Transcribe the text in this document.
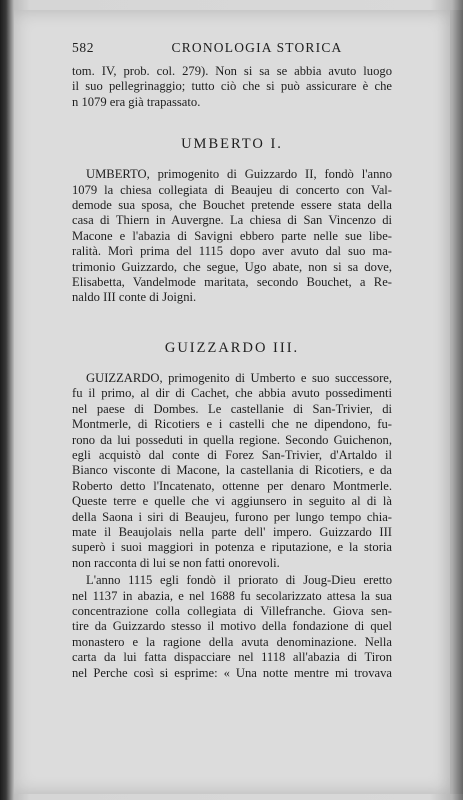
582	CRONOLOGIA STORICA
tom. IV, prob. col. 279). Non si sa se abbia avuto luogo
il suo pellegrinaggio; tutto ciò che si può assicurare è che
n 1079 era già trapassato.
UMBERTO I.
UMBERTO, primogenito di Guizzardo II, fondò l'anno
1079 la chiesa collegiata di Beaujeu di concerto con Val-
demode sua sposa, che Bouchet pretende essere stata della
casa di Thiern in Auvergne. La chiesa di San Vincenzo di
Macone e l'abazia di Savigni ebbero parte nelle sue libe-
ralità. Morì prima del 1115 dopo aver avuto dal suo ma-
trimonio Guizzardo, che segue, Ugo abate, non si sa dove,
Elisabetta, Vandelmode maritata, secondo Bouchet, a Re-
naldo III conte di Joigni.
GUIZZARDO III.
GUIZZARDO, primogenito di Umberto e suo successore,
fu il primo, al dir di Cachet, che abbia avuto possedimenti
nel paese di Dombes. Le castellanie di San-Trivier, di
Montmerle, di Ricotiers e i castelli che ne dipendono, fu-
rono da lui posseduti in quella regione. Secondo Guichenon,
egli acquistò dal conte di Forez San-Trivier, d'Artaldo il
Bianco visconte di Macone, la castellania di Ricotiers, e da
Roberto detto l'Incatenato, ottenne per denaro Montmerle.
Queste terre e quelle che vi aggiunsero in seguito al di là
della Saona i siri di Beaujeu, furono per lungo tempo chia-
mate il Beaujolais nella parte dell' impero. Guizzardo III
superò i suoi maggiori in potenza e riputazione, e la storia
non racconta di lui se non fatti onorevoli.
L'anno 1115 egli fondò il priorato di Joug-Dieu eretto
nel 1137 in abazia, e nel 1688 fu secolarizzato attesa la sua
concentrazione colla collegiata di Villefranche. Giova sen-
tire da Guizzardo stesso il motivo della fondazione di quel
monastero e la ragione della avuta denominazione. Nella
carta da lui fatta dispacciare nel 1118 all'abazia di Tiron
nel Perche così si esprime: « Una notte mentre mi trovava
